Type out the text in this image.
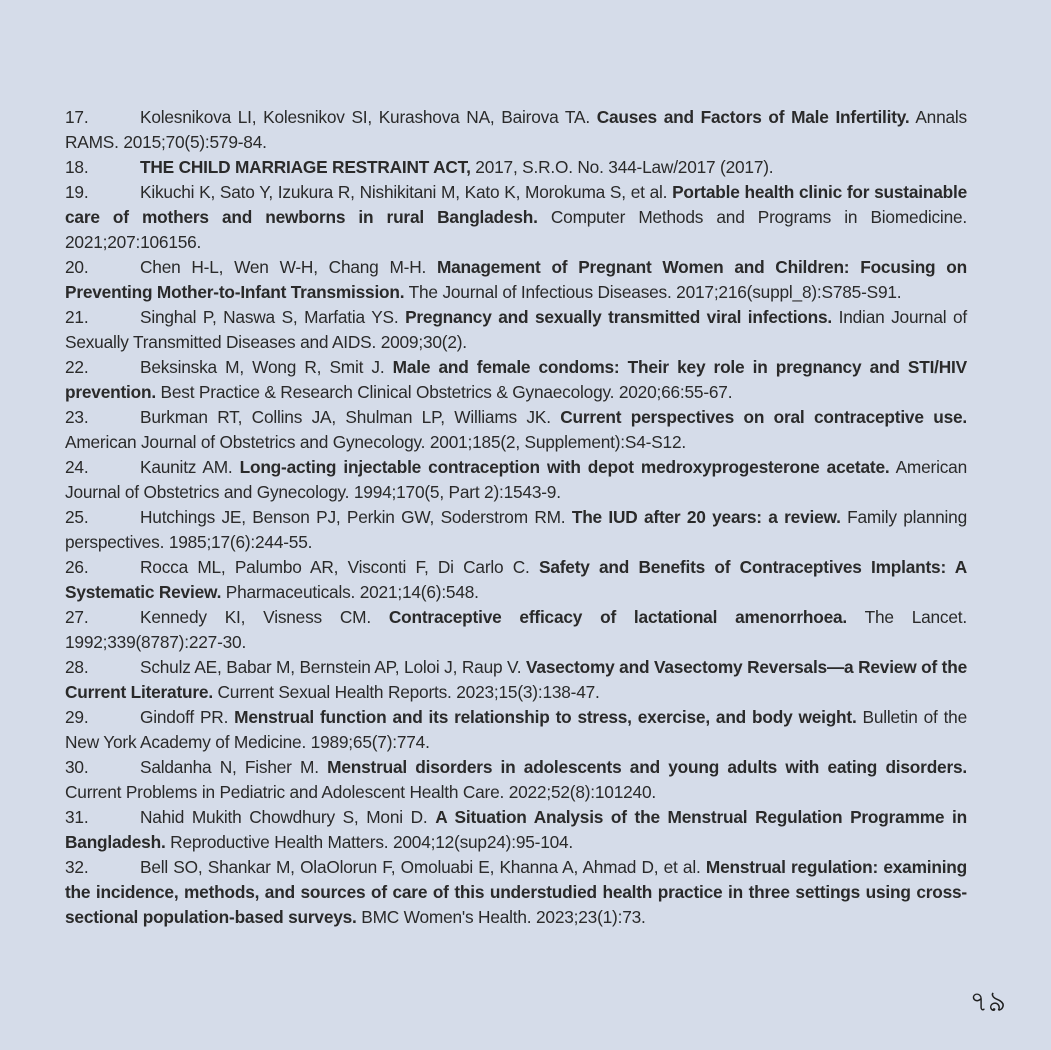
17.	Kolesnikova LI, Kolesnikov SI, Kurashova NA, Bairova TA. Causes and Factors of Male Infertility. Annals RAMS. 2015;70(5):579-84.

18.	THE CHILD MARRIAGE RESTRAINT ACT, 2017, S.R.O. No. 344-Law/2017 (2017).

19.	Kikuchi K, Sato Y, Izukura R, Nishikitani M, Kato K, Morokuma S, et al. Portable health clinic for sustainable care of mothers and newborns in rural Bangladesh. Computer Methods and Programs in Biomedicine. 2021;207:106156.

20.	Chen H-L, Wen W-H, Chang M-H. Management of Pregnant Women and Children: Focusing on Preventing Mother-to-Infant Transmission. The Journal of Infectious Diseases. 2017;216(suppl_8):S785-S91.

21.	Singhal P, Naswa S, Marfatia YS. Pregnancy and sexually transmitted viral infections. Indian Journal of Sexually Transmitted Diseases and AIDS. 2009;30(2).

22.	Beksinska M, Wong R, Smit J. Male and female condoms: Their key role in pregnancy and STI/HIV prevention. Best Practice & Research Clinical Obstetrics & Gynaecology. 2020;66:55-67.

23.	Burkman RT, Collins JA, Shulman LP, Williams JK. Current perspectives on oral contraceptive use. American Journal of Obstetrics and Gynecology. 2001;185(2, Supplement):S4-S12.

24.	Kaunitz AM. Long-acting injectable contraception with depot medroxyprogesterone acetate. American Journal of Obstetrics and Gynecology. 1994;170(5, Part 2):1543-9.

25.	Hutchings JE, Benson PJ, Perkin GW, Soderstrom RM. The IUD after 20 years: a review. Family planning perspectives. 1985;17(6):244-55.

26.	Rocca ML, Palumbo AR, Visconti F, Di Carlo C. Safety and Benefits of Contraceptives Implants: A Systematic Review. Pharmaceuticals. 2021;14(6):548.

27.	Kennedy KI, Visness CM. Contraceptive efficacy of lactational amenorrhoea. The Lancet. 1992;339(8787):227-30.

28.	Schulz AE, Babar M, Bernstein AP, Loloi J, Raup V. Vasectomy and Vasectomy Reversals—a Review of the Current Literature. Current Sexual Health Reports. 2023;15(3):138-47.

29.	Gindoff PR. Menstrual function and its relationship to stress, exercise, and body weight. Bulletin of the New York Academy of Medicine. 1989;65(7):774.

30.	Saldanha N, Fisher M. Menstrual disorders in adolescents and young adults with eating disorders. Current Problems in Pediatric and Adolescent Health Care. 2022;52(8):101240.

31.	Nahid Mukith Chowdhury S, Moni D. A Situation Analysis of the Menstrual Regulation Programme in Bangladesh. Reproductive Health Matters. 2004;12(sup24):95-104.

32.	Bell SO, Shankar M, OlaOlorun F, Omoluabi E, Khanna A, Ahmad D, et al. Menstrual regulation: examining the incidence, methods, and sources of care of this understudied health practice in three settings using cross-sectional population-based surveys. BMC Women's Health. 2023;23(1):73.

৭৯
